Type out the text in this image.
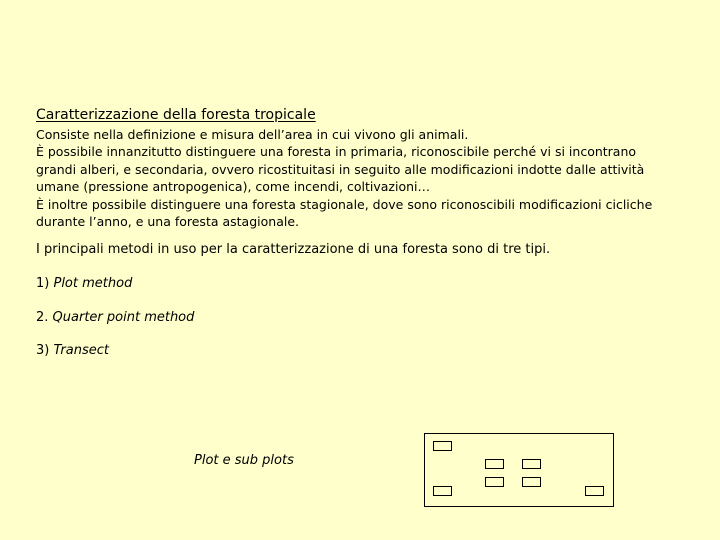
Caratterizzazione della foresta tropicale
Consiste nella definizione e misura dell’area in cui vivono gli animali.
È possibile innanzitutto distinguere una foresta in primaria, riconoscibile perché vi si incontrano
grandi alberi, e secondaria, ovvero ricostituitasi in seguito alle modificazioni indotte dalle attività
umane (pressione antropogenica), come incendi, coltivazioni…
È inoltre possibile distinguere una foresta stagionale, dove sono riconoscibili modificazioni cicliche
durante l’anno, e una foresta astagionale.
I principali metodi in uso per la caratterizzazione di una foresta sono di tre tipi.
1) Plot method
2. Quarter point method
3) Transect
Plot e sub plots
